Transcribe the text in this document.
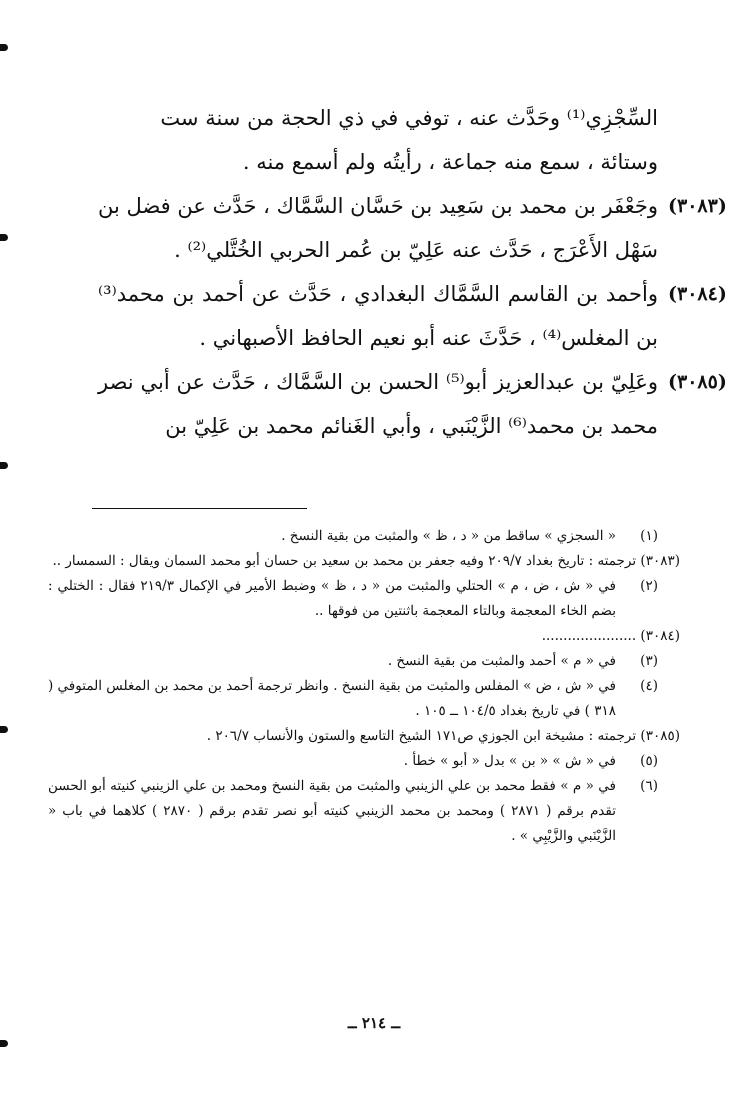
السِّجْزِي⁽¹⁾ وحَدَّث عنه ، توفي في ذي الحجة من سنة ست

وستائة ، سمع منه جماعة ، رأيتُه ولم أسمع منه .

(٣٠٨٣)

وجَعْفَر بن محمد بن سَعِيد بن حَسَّان السَّمَّاك ، حَدَّث عن فضل بن سَهْل الأَعْرَج ، حَدَّث عنه عَلِيّ بن عُمر الحربي الخُتَّلي⁽²⁾ .

(٣٠٨٤)

وأحمد بن القاسم السَّمَّاك البغدادي ، حَدَّث عن أحمد بن محمد⁽³⁾ بن المغلس⁽⁴⁾ ، حَدَّثَ عنه أبو نعيم الحافظ الأصبهاني .

(٣٠٨٥)

وعَلِيّ بن عبدالعزيز أبو⁽⁵⁾ الحسن بن السَّمَّاك ، حَدَّث عن أبي نصر محمد بن محمد⁽⁶⁾ الزَّيْنَبي ، وأبي الغَنائم محمد بن عَلِيّ بن

(١)
« السجزي » ساقط من « د ، ظ » والمثبت من بقية النسخ .
(٣٠٨٣) ترجمته : تاريخ بغداد ٢٠٩/٧ وفيه جعفر بن محمد بن سعيد بن حسان أبو محمد السمان ويقال : السمسار ..
(٢)
في « ش ، ض ، م » الحتلي والمثبت من « د ، ظ » وضبط الأمير في الإكمال ٢١٩/٣ فقال : الختلي : بضم الخاء المعجمة وبالتاء المعجمة باثنتين من فوقها ..
(٣٠٨٤) ......................
(٣)
في « م » أحمد والمثبت من بقية النسخ .
(٤)
في « ش ، ض » المفلس والمثبت من بقية النسخ . وانظر ترجمة أحمد بن محمد بن المغلس المتوفي ( ٣١٨ ) في تاريخ بغداد ١٠٤/٥ ــ ١٠٥ .
(٣٠٨٥) ترجمته : مشيخة ابن الجوزي ص١٧١ الشيخ التاسع والستون والأنساب ٢٠٦/٧ .
(٥)
في « ش » « بن » بدل « أبو » خطأ .
(٦)
في « م » فقط محمد بن علي الزينبي والمثبت من بقية النسخ ومحمد بن علي الزينبي كنيته أبو الحسن تقدم برقم ( ٢٨٧١ ) ومحمد بن محمد الزينبي كنيته أبو نصر تقدم برقم ( ٢٨٧٠ ) كلاهما في باب « الزَّيْنَبي والزَّيْبِي » .
ــ ٢١٤ ــ
